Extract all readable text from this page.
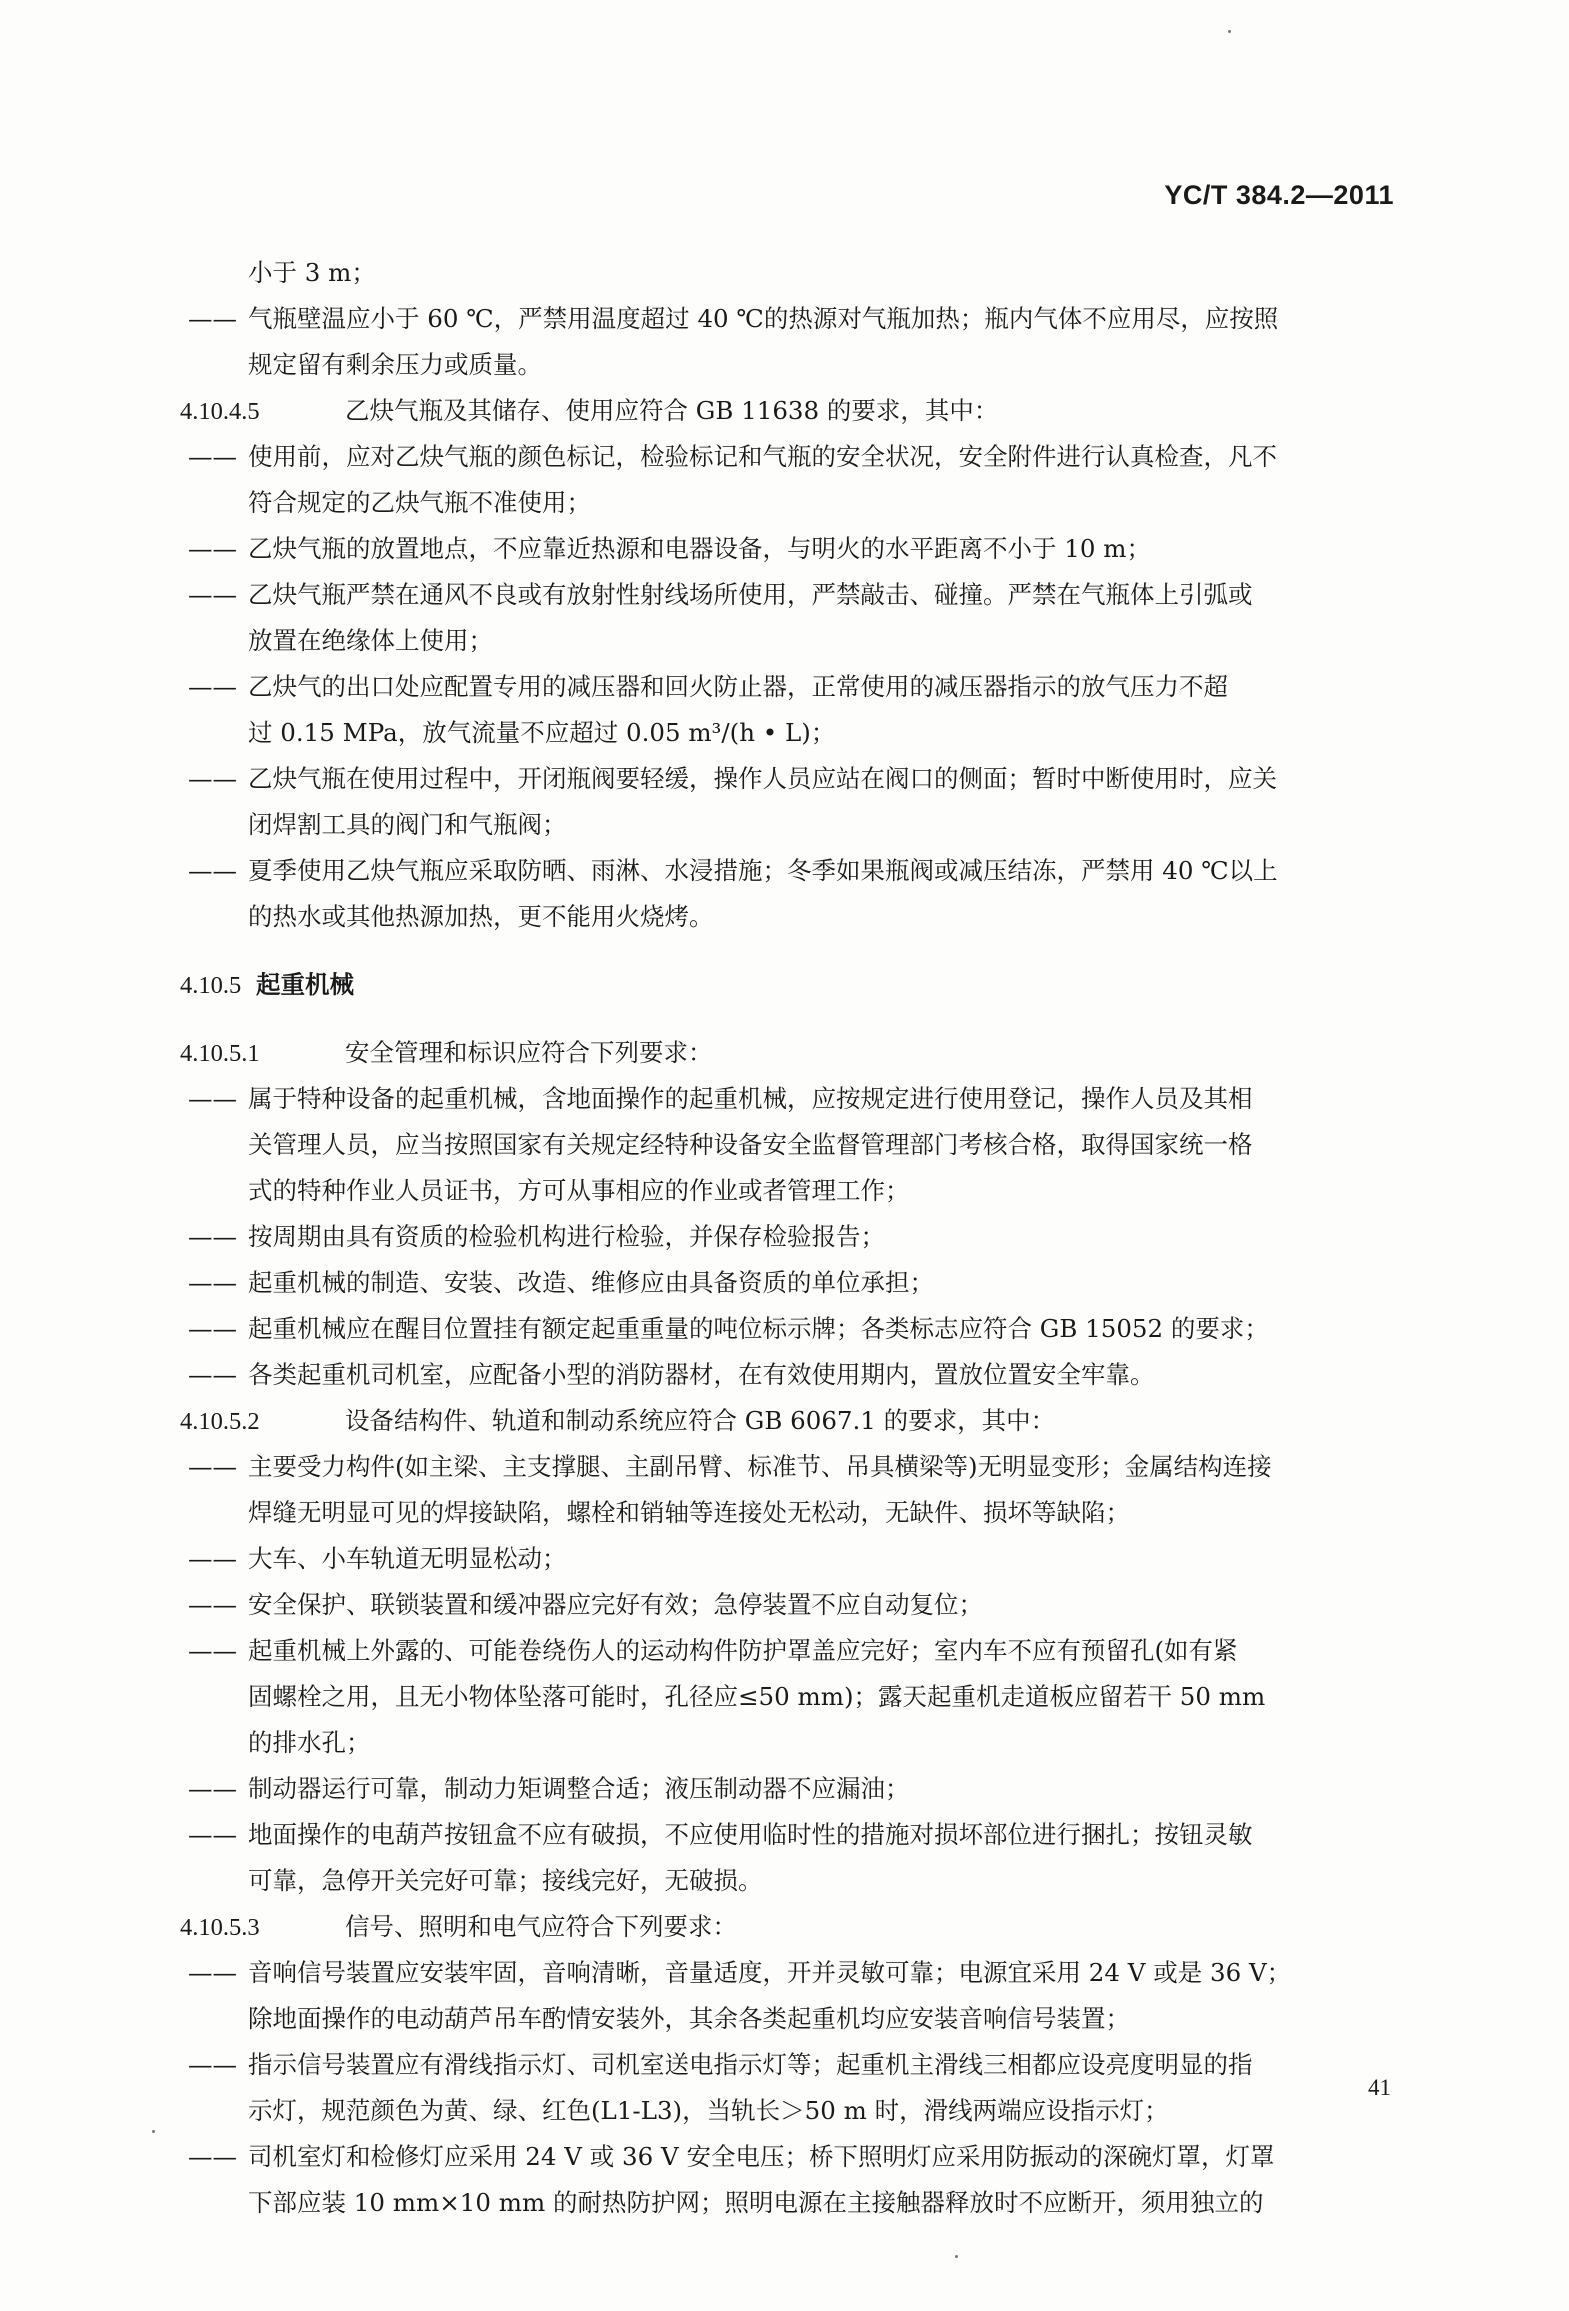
YC/T 384.2—2011
小于 3 m；
—— 气瓶壁温应小于 60 ℃，严禁用温度超过 40 ℃的热源对气瓶加热；瓶内气体不应用尽，应按照
规定留有剩余压力或质量。
4.10.4.5	乙炔气瓶及其储存、使用应符合 GB 11638 的要求，其中：
—— 使用前，应对乙炔气瓶的颜色标记，检验标记和气瓶的安全状况，安全附件进行认真检查，凡不
符合规定的乙炔气瓶不准使用；
—— 乙炔气瓶的放置地点，不应靠近热源和电器设备，与明火的水平距离不小于 10 m；
—— 乙炔气瓶严禁在通风不良或有放射性射线场所使用，严禁敲击、碰撞。严禁在气瓶体上引弧或
放置在绝缘体上使用；
—— 乙炔气的出口处应配置专用的减压器和回火防止器，正常使用的减压器指示的放气压力不超
过 0.15 MPa，放气流量不应超过 0.05 m³/(h • L)；
—— 乙炔气瓶在使用过程中，开闭瓶阀要轻缓，操作人员应站在阀口的侧面；暂时中断使用时，应关
闭焊割工具的阀门和气瓶阀；
—— 夏季使用乙炔气瓶应采取防晒、雨淋、水浸措施；冬季如果瓶阀或减压结冻，严禁用 40 ℃以上
的热水或其他热源加热，更不能用火烧烤。
4.10.5 起重机械
4.10.5.1	安全管理和标识应符合下列要求：
—— 属于特种设备的起重机械，含地面操作的起重机械，应按规定进行使用登记，操作人员及其相
关管理人员，应当按照国家有关规定经特种设备安全监督管理部门考核合格，取得国家统一格
式的特种作业人员证书，方可从事相应的作业或者管理工作；
—— 按周期由具有资质的检验机构进行检验，并保存检验报告；
—— 起重机械的制造、安装、改造、维修应由具备资质的单位承担；
—— 起重机械应在醒目位置挂有额定起重重量的吨位标示牌；各类标志应符合 GB 15052 的要求；
—— 各类起重机司机室，应配备小型的消防器材，在有效使用期内，置放位置安全牢靠。
4.10.5.2	设备结构件、轨道和制动系统应符合 GB 6067.1 的要求，其中：
—— 主要受力构件(如主梁、主支撑腿、主副吊臂、标准节、吊具横梁等)无明显变形；金属结构连接
焊缝无明显可见的焊接缺陷，螺栓和销轴等连接处无松动，无缺件、损坏等缺陷；
—— 大车、小车轨道无明显松动；
—— 安全保护、联锁装置和缓冲器应完好有效；急停装置不应自动复位；
—— 起重机械上外露的、可能卷绕伤人的运动构件防护罩盖应完好；室内车不应有预留孔(如有紧
固螺栓之用，且无小物体坠落可能时，孔径应≤50 mm)；露天起重机走道板应留若干 50 mm
的排水孔；
—— 制动器运行可靠，制动力矩调整合适；液压制动器不应漏油；
—— 地面操作的电葫芦按钮盒不应有破损，不应使用临时性的措施对损坏部位进行捆扎；按钮灵敏
可靠，急停开关完好可靠；接线完好，无破损。
4.10.5.3	信号、照明和电气应符合下列要求：
—— 音响信号装置应安装牢固，音响清晰，音量适度，开并灵敏可靠；电源宜采用 24 V 或是 36 V；
除地面操作的电动葫芦吊车酌情安装外，其余各类起重机均应安装音响信号装置；
—— 指示信号装置应有滑线指示灯、司机室送电指示灯等；起重机主滑线三相都应设亮度明显的指
示灯，规范颜色为黄、绿、红色(L1-L3)，当轨长＞50 m 时，滑线两端应设指示灯；
—— 司机室灯和检修灯应采用 24 V 或 36 V 安全电压；桥下照明灯应采用防振动的深碗灯罩，灯罩
下部应装 10 mm×10 mm 的耐热防护网；照明电源在主接触器释放时不应断开，须用独立的
41
